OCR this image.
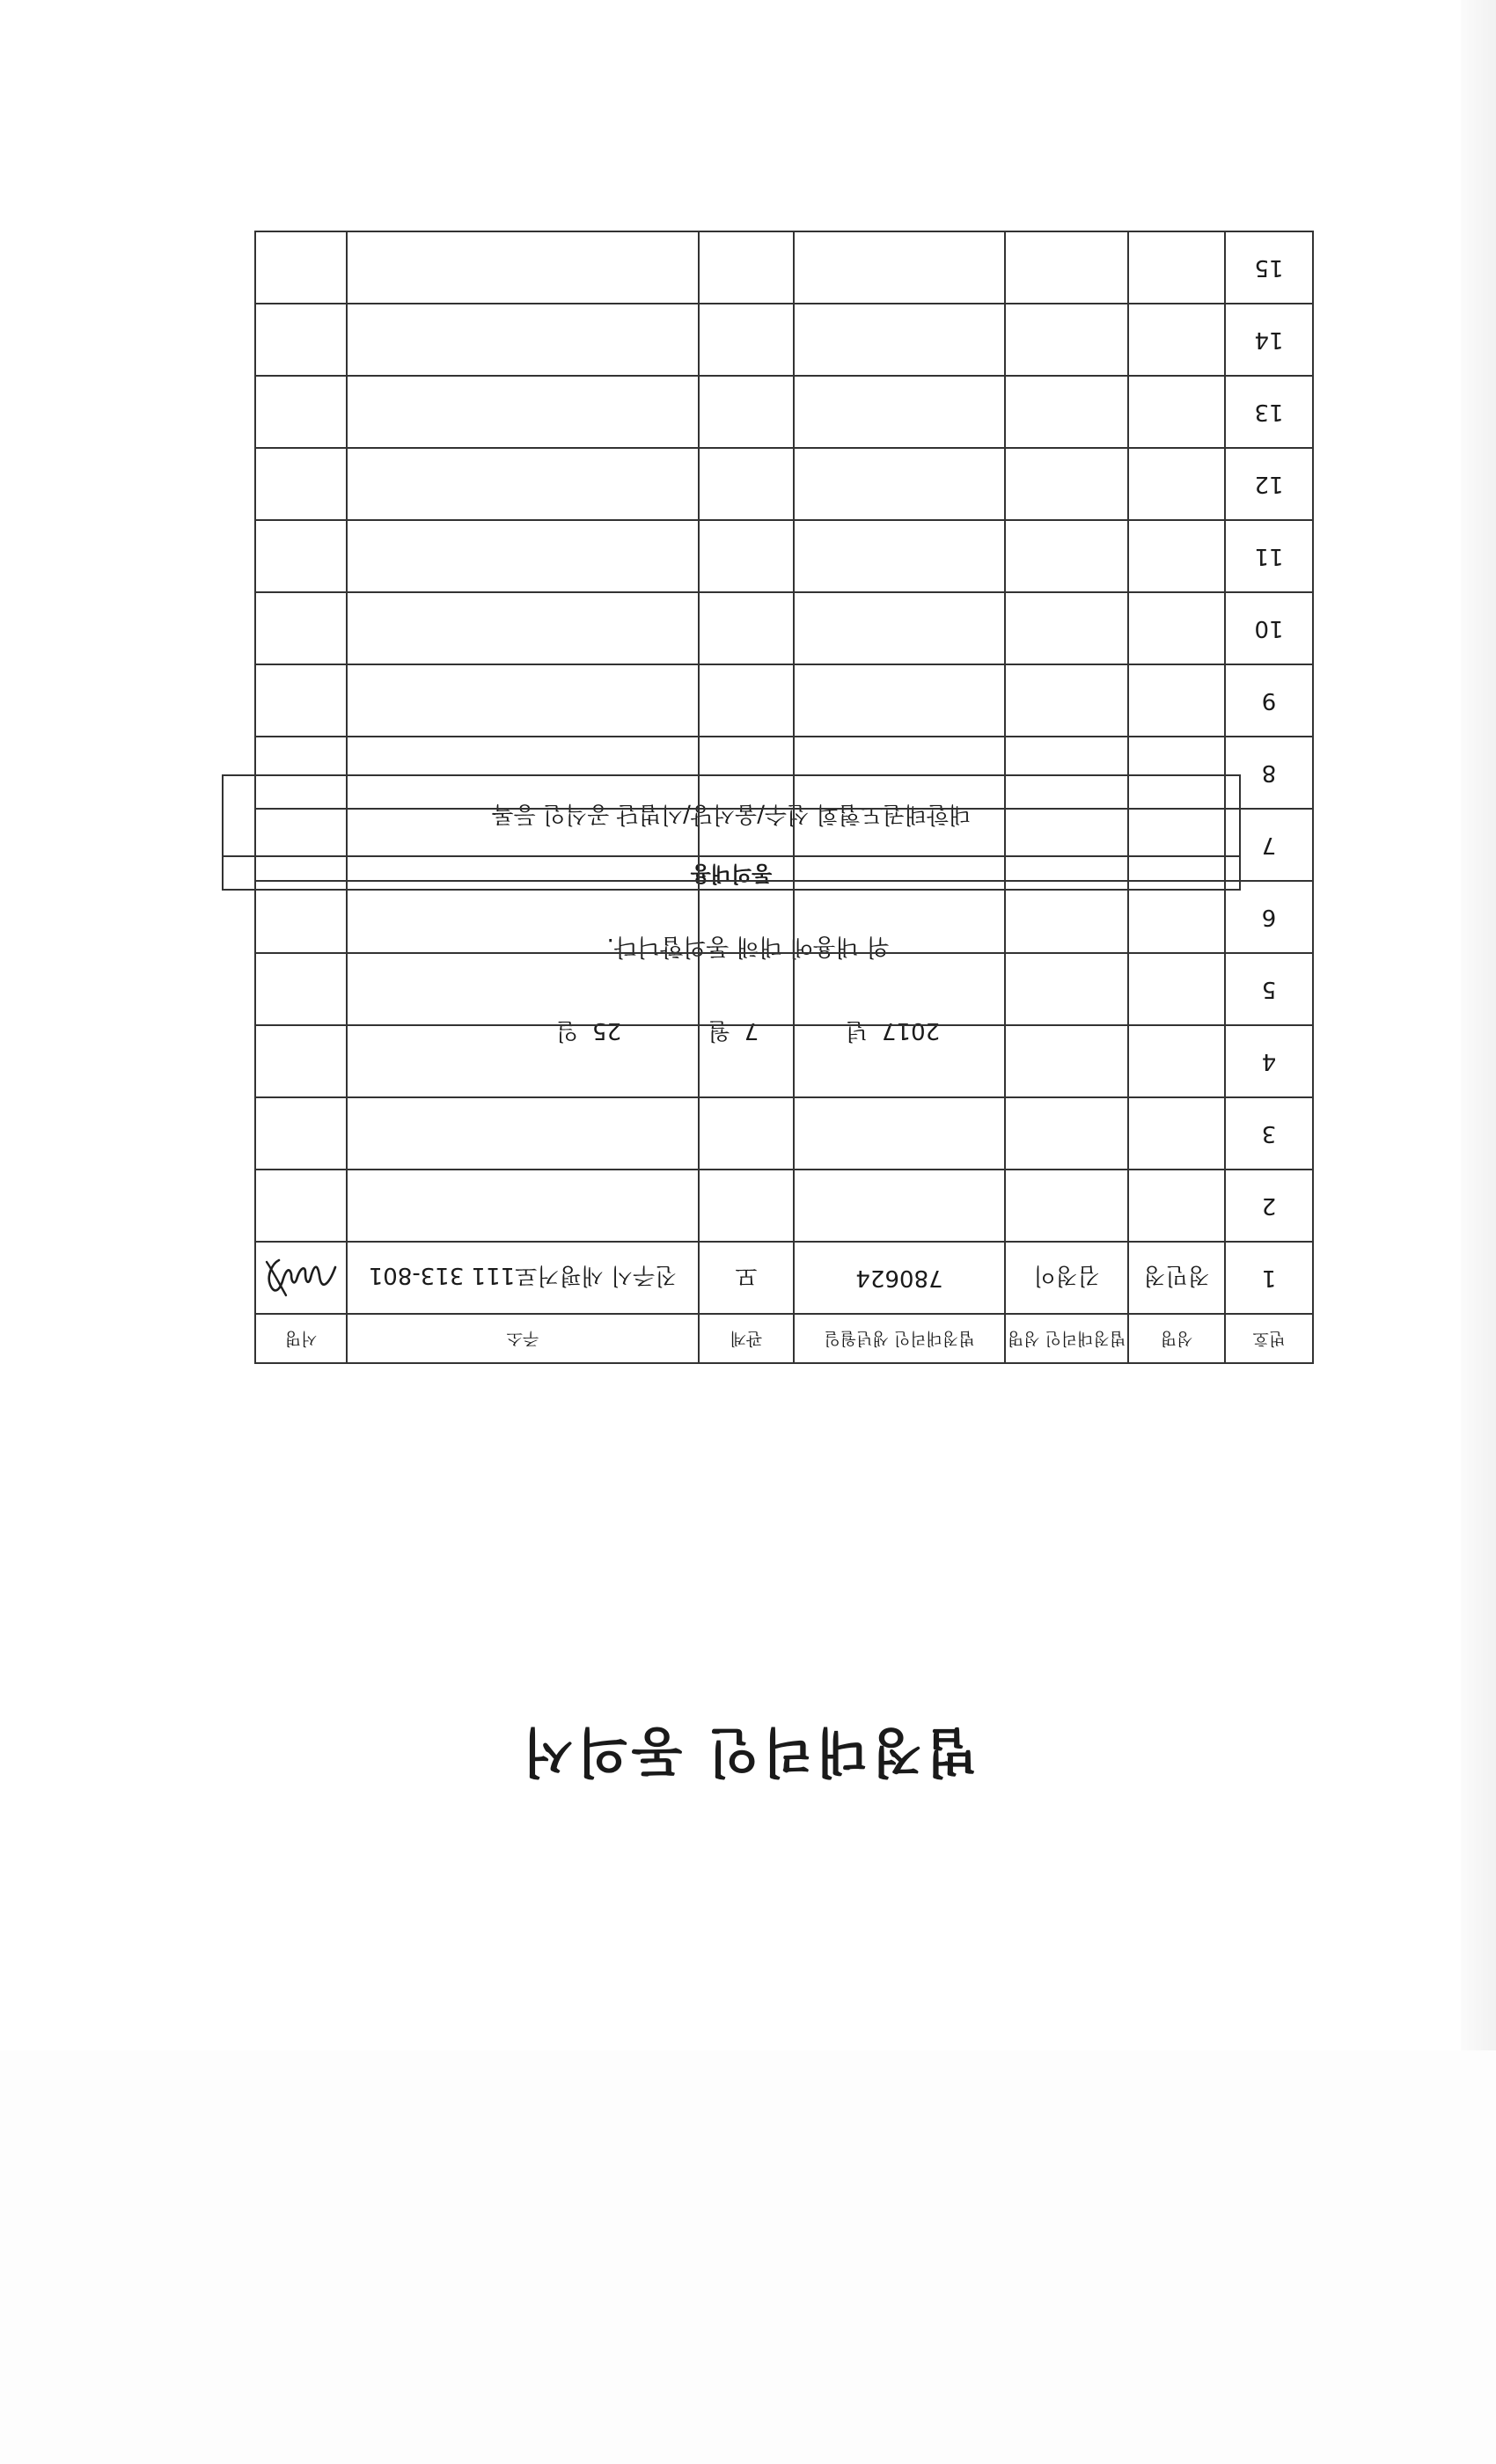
법정대리인 동의서
동의내용
대한태권도협회 선수/움서당/시범단 공식인 등록
위 내용에 대해 동의합니다.
2017년  7월  25일
번호	성명	법정대리인 성명	법정대리인 생년월일	관계	주소	서명
1	정민정	김정이	780624	모	진주시 새평거로111 313-801	

2						
3						
4						
5						
6						
7						
8						
9						
10						
11						
12						
13						
14						
15						
